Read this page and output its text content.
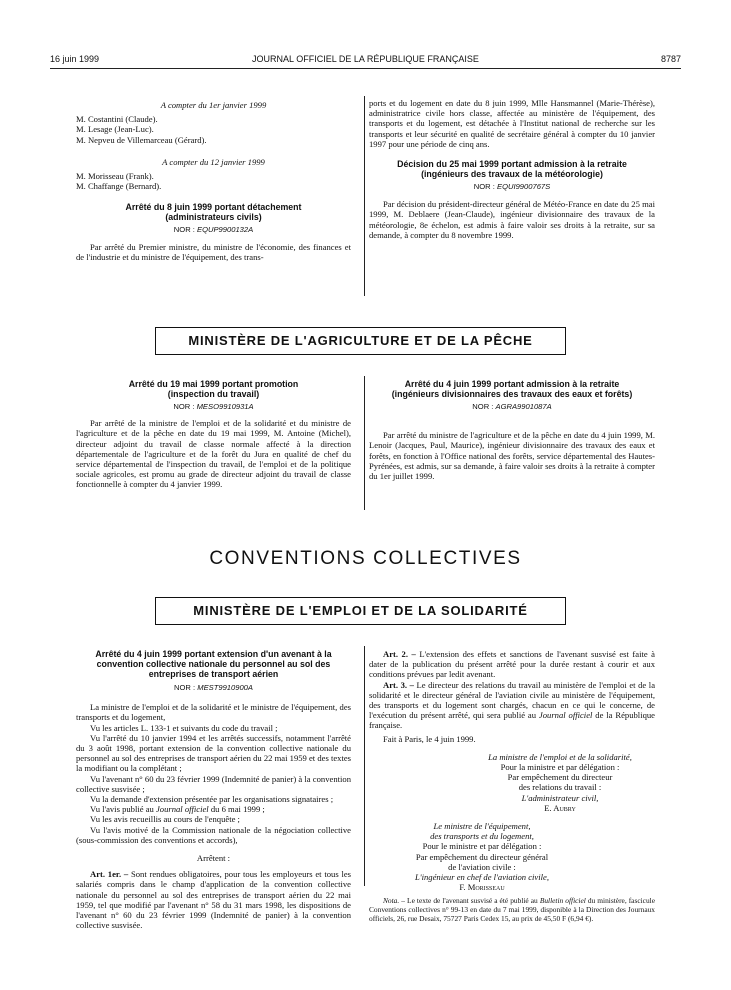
16 juin 1999	JOURNAL OFFICIEL DE LA RÉPUBLIQUE FRANÇAISE	8787

A compter du 1er janvier 1999

M. Costantini (Claude).

M. Lesage (Jean-Luc).

M. Nepveu de Villemarceau (Gérard).

A compter du 12 janvier 1999

M. Morisseau (Frank).

M. Chaffange (Bernard).

Arrêté du 8 juin 1999 portant détachement
(administrateurs civils)

NOR : EQUP9900132A

Par arrêté du Premier ministre, du ministre de l'économie, des finances et de l'industrie et du ministre de l'équipement, des trans-

ports et du logement en date du 8 juin 1999, Mlle Hansmannel (Marie-Thérèse), administratrice civile hors classe, affectée au ministère de l'équipement, des transports et du logement, est détachée à l'Institut national de recherche sur les transports et leur sécurité en qualité de secrétaire général à compter du 10 janvier 1997 pour une période de cinq ans.

Décision du 25 mai 1999 portant admission à la retraite
(ingénieurs des travaux de la météorologie)

NOR : EQUI9900767S

Par décision du président-directeur général de Météo-France en date du 25 mai 1999, M. Deblaere (Jean-Claude), ingénieur divisionnaire des travaux de la météorologie, 8e échelon, est admis à faire valoir ses droits à la retraite, sur sa demande, à compter du 8 novembre 1999.

MINISTÈRE DE L'AGRICULTURE ET DE LA PÊCHE
Arrêté du 19 mai 1999 portant promotion
(inspection du travail)

NOR : MESO9910931A

Par arrêté de la ministre de l'emploi et de la solidarité et du ministre de l'agriculture et de la pêche en date du 19 mai 1999, M. Antoine (Michel), directeur adjoint du travail de classe normale affecté à la direction départementale de l'agriculture et de la forêt du Jura en qualité de chef du service départemental de l'inspection du travail, de l'emploi et de la politique sociale agricoles, est promu au grade de directeur adjoint du travail de classe fonctionnelle à compter du 4 janvier 1999.

Arrêté du 4 juin 1999 portant admission à la retraite
(ingénieurs divisionnaires des travaux des eaux et forêts)

NOR : AGRA9901087A

Par arrêté du ministre de l'agriculture et de la pêche en date du 4 juin 1999, M. Lenoir (Jacques, Paul, Maurice), ingénieur divisionnaire des travaux des eaux et forêts, en fonction à l'Office national des forêts, service départemental des Hautes-Pyrénées, est admis, sur sa demande, à faire valoir ses droits à la retraite à compter du 1er juillet 1999.

CONVENTIONS COLLECTIVES
MINISTÈRE DE L'EMPLOI ET DE LA SOLIDARITÉ
Arrêté du 4 juin 1999 portant extension d'un avenant à la
convention collective nationale du personnel au sol des
entreprises de transport aérien

NOR : MEST9910900A

La ministre de l'emploi et de la solidarité et le ministre de l'équipement, des transports et du logement,

Vu les articles L. 133-1 et suivants du code du travail ;

Vu l'arrêté du 10 janvier 1994 et les arrêtés successifs, notamment l'arrêté du 3 août 1998, portant extension de la convention collective nationale du personnel au sol des entreprises de transport aérien du 22 mai 1959 et des textes la modifiant ou la complétant ;

Vu l'avenant n° 60 du 23 février 1999 (Indemnité de panier) à la convention collective susvisée ;

Vu la demande d'extension présentée par les organisations signataires ;

Vu l'avis publié au Journal officiel du 6 mai 1999 ;

Vu les avis recueillis au cours de l'enquête ;

Vu l'avis motivé de la Commission nationale de la négociation collective (sous-commission des conventions et accords),

Arrêtent :

Art. 1er. – Sont rendues obligatoires, pour tous les employeurs et tous les salariés compris dans le champ d'application de la convention collective nationale du personnel au sol des entreprises de transport aérien du 22 mai 1959, tel que modifié par l'avenant n° 58 du 31 mars 1998, les dispositions de l'avenant n° 60 du 23 février 1999 (Indemnité de panier) à la convention collective susvisée.

Art. 2. – L'extension des effets et sanctions de l'avenant susvisé est faite à dater de la publication du présent arrêté pour la durée restant à courir et aux conditions prévues par ledit avenant.

Art. 3. – Le directeur des relations du travail au ministère de l'emploi et de la solidarité et le directeur général de l'aviation civile au ministère de l'équipement, des transports et du logement sont chargés, chacun en ce qui le concerne, de l'exécution du présent arrêté, qui sera publié au Journal officiel de la République française.

Fait à Paris, le 4 juin 1999.

La ministre de l'emploi et de la solidarité,

Pour la ministre et par délégation :

Par empêchement du directeur

des relations du travail :

L'administrateur civil,

E. Aubry

Le ministre de l'équipement,

des transports et du logement,

Pour le ministre et par délégation :

Par empêchement du directeur général

de l'aviation civile :

L'ingénieur en chef de l'aviation civile,

F. Morisseau

Nota. – Le texte de l'avenant susvisé a été publié au Bulletin officiel du ministère, fascicule Conventions collectives n° 99-13 en date du 7 mai 1999, disponible à la Direction des Journaux officiels, 26, rue Desaix, 75727 Paris Cedex 15, au prix de 45,50 F (6,94 €).
